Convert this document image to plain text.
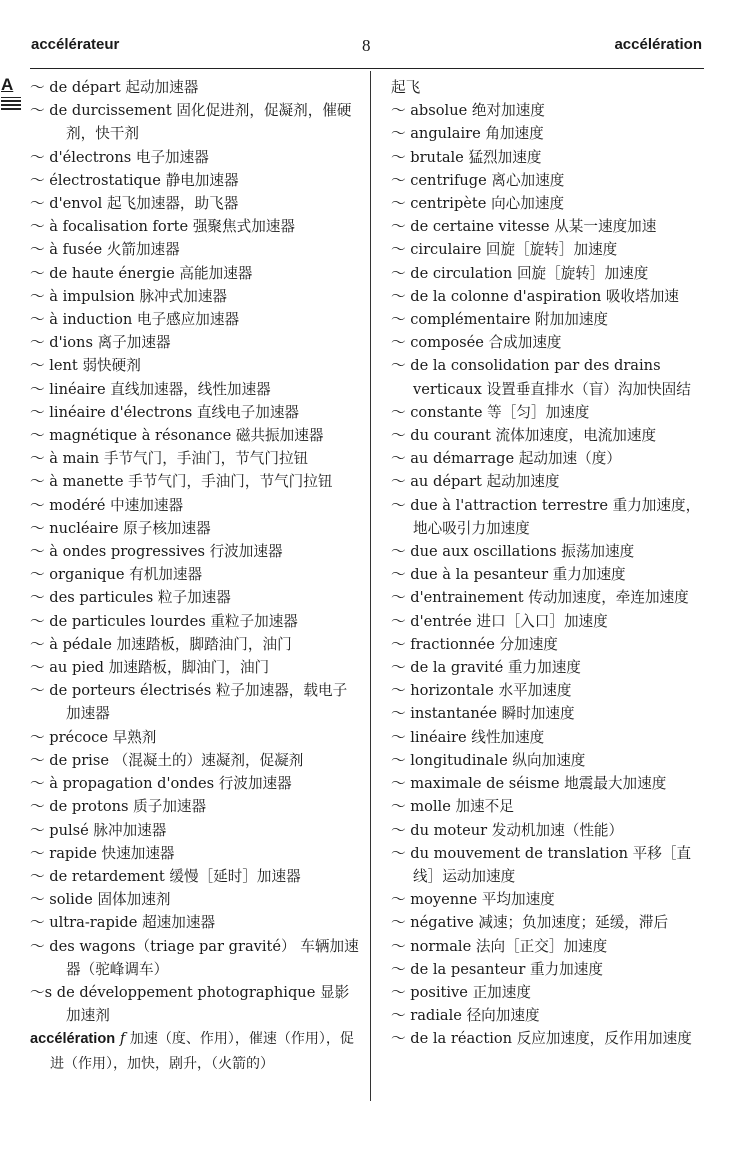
accélérateur	8	accélération
A	～ de départ 起动加速器
～ de durcissement 固化促进剂，促凝剂，催硬剂，快干剂
～ d'électrons 电子加速器
～ électrostatique 静电加速器
～ d'envol 起飞加速器，助飞器
～ à focalisation forte 强聚焦式加速器
～ à fusée 火箭加速器
～ de haute énergie 高能加速器
～ à impulsion 脉冲式加速器
～ à induction 电子感应加速器
～ d'ions 离子加速器
～ lent 弱快硬剂
～ linéaire 直线加速器，线性加速器
～ linéaire d'électrons 直线电子加速器
～ magnétique à résonance 磁共振加速器
～ à main 手节气门，手油门，节气门拉钮
～ à manette 手节气门，手油门，节气门拉钮
～ modéré 中速加速器
～ nucléaire 原子核加速器
～ à ondes progressives 行波加速器
～ organique 有机加速器
～ des particules 粒子加速器
～ de particules lourdes 重粒子加速器
～ à pédale 加速踏板，脚踏油门，油门
～ au pied 加速踏板，脚油门，油门
～ de porteurs électrisés 粒子加速器，载电子加速器
～ précoce 早熟剂
～ de prise （混凝土的）速凝剂，促凝剂
～ à propagation d'ondes 行波加速器
～ de protons 质子加速器
～ pulsé 脉冲加速器
～ rapide 快速加速器
～ de retardement 缓慢［延时］加速器
～ solide 固体加速剂
～ ultra-rapide 超速加速器
～ des wagons（triage par gravité） 车辆加速器（驼峰调车）
～s de développement photographique 显影加速剂
accélération f 加速（度、作用），催速（作用），促进（作用），加快，剧升，（火箭的）
起飞
～ absolue 绝对加速度
～ angulaire 角加速度
～ brutale 猛烈加速度
～ centrifuge 离心加速度
～ centripète 向心加速度
～ de certaine vitesse 从某一速度加速
～ circulaire 回旋［旋转］加速度
～ de circulation 回旋［旋转］加速度
～ de la colonne d'aspiration 吸收塔加速
～ complémentaire 附加加速度
～ composée 合成加速度
～ de la consolidation par des drains verticaux 设置垂直排水（盲）沟加快固结
～ constante 等［匀］加速度
～ du courant 流体加速度，电流加速度
～ au démarrage 起动加速（度）
～ au départ 起动加速度
～ due à l'attraction terrestre 重力加速度，地心吸引力加速度
～ due aux oscillations 振荡加速度
～ due à la pesanteur 重力加速度
～ d'entrainement 传动加速度，牵连加速度
～ d'entrée 进口［入口］加速度
～ fractionnée 分加速度
～ de la gravité 重力加速度
～ horizontale 水平加速度
～ instantanée 瞬时加速度
～ linéaire 线性加速度
～ longitudinale 纵向加速度
～ maximale de séisme 地震最大加速度
～ molle 加速不足
～ du moteur 发动机加速（性能）
～ du mouvement de translation 平移［直线］运动加速度
～ moyenne 平均加速度
～ négative 减速；负加速度；延缓，滞后
～ normale 法向［正交］加速度
～ de la pesanteur 重力加速度
～ positive 正加速度
～ radiale 径向加速度
～ de la réaction 反应加速度，反作用加速度
